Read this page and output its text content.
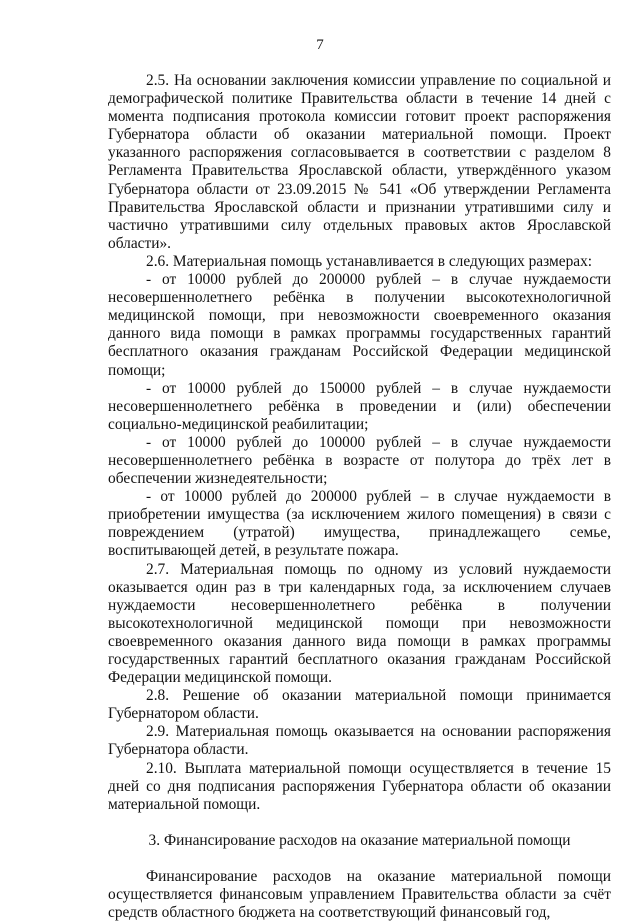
7

2.5. На основании заключения комиссии управление по социальной и демографической политике Правительства области в течение 14 дней с момента подписания протокола комиссии готовит проект распоряжения Губернатора области об оказании материальной помощи. Проект указанного распоряжения согласовывается в соответствии с разделом 8 Регламента Правительства Ярославской области, утверждённого указом Губернатора области от 23.09.2015 № 541 «Об утверждении Регламента Правительства Ярославской области и признании утратившими силу и частично утратившими силу отдельных правовых актов Ярославской области».

2.6. Материальная помощь устанавливается в следующих размерах:

- от 10000 рублей до 200000 рублей – в случае нуждаемости несовершеннолетнего ребёнка в получении высокотехнологичной медицинской помощи, при невозможности своевременного оказания данного вида помощи в рамках программы государственных гарантий бесплатного оказания гражданам Российской Федерации медицинской помощи;

- от 10000 рублей до 150000 рублей – в случае нуждаемости несовершеннолетнего ребёнка в проведении и (или) обеспечении социально-медицинской реабилитации;

- от 10000 рублей до 100000 рублей – в случае нуждаемости несовершеннолетнего ребёнка в возрасте от полутора до трёх лет в обеспечении жизнедеятельности;

- от 10000 рублей до 200000 рублей – в случае нуждаемости в приобретении имущества (за исключением жилого помещения) в связи с повреждением (утратой) имущества, принадлежащего семье, воспитывающей детей, в результате пожара.

2.7. Материальная помощь по одному из условий нуждаемости оказывается один раз в три календарных года, за исключением случаев нуждаемости несовершеннолетнего ребёнка в получении высокотехнологичной медицинской помощи при невозможности своевременного оказания данного вида помощи в рамках программы государственных гарантий бесплатного оказания гражданам Российской Федерации медицинской помощи.

2.8. Решение об оказании материальной помощи принимается Губернатором области.

2.9. Материальная помощь оказывается на основании распоряжения Губернатора области.

2.10. Выплата материальной помощи осуществляется в течение 15 дней со дня подписания распоряжения Губернатора области об оказании материальной помощи.

3. Финансирование расходов на оказание материальной помощи

Финансирование расходов на оказание материальной помощи осуществляется финансовым управлением Правительства области за счёт средств областного бюджета на соответствующий финансовый год,
